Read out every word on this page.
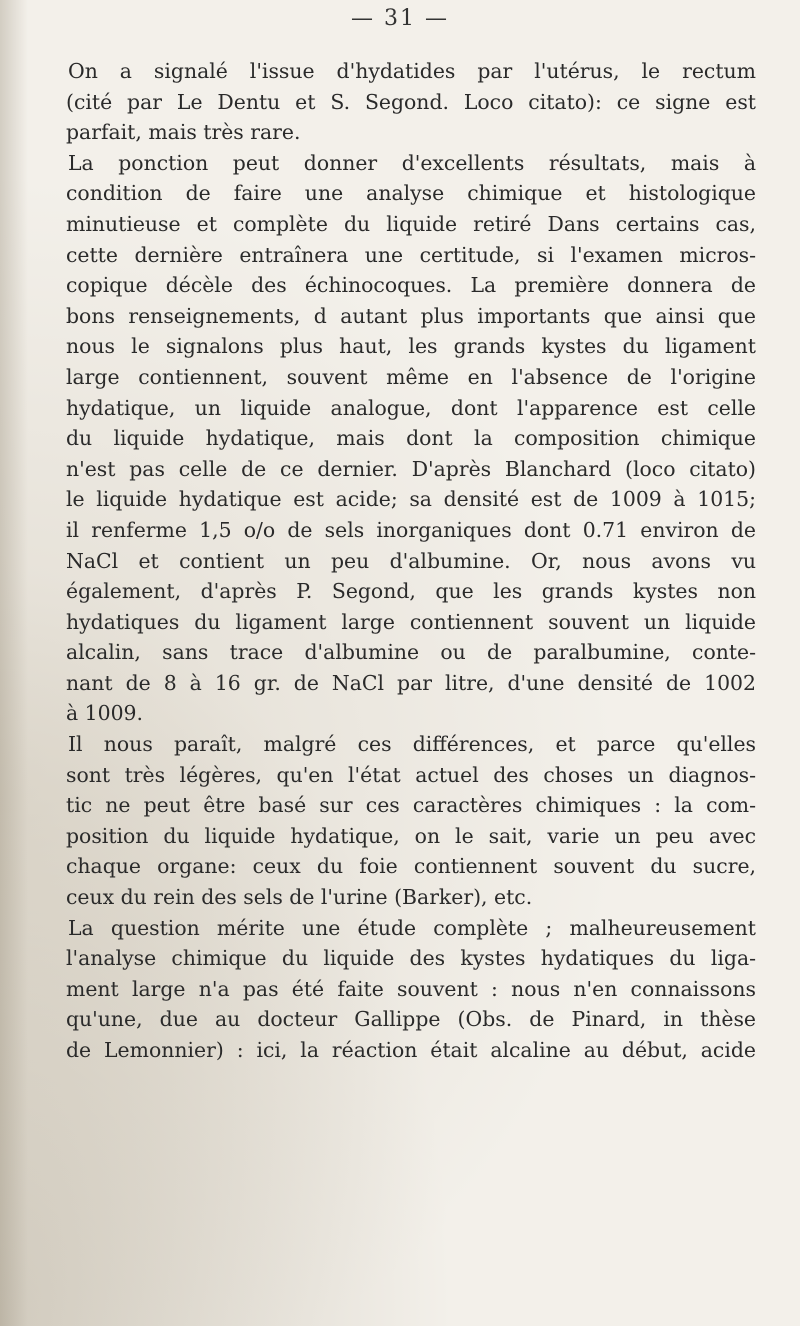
— 31 —
On a signalé l'issue d'hydatides par l'utérus, le rectum
(cité par Le Dentu et S. Segond. Loco citato): ce signe est
parfait, mais très rare.
La ponction peut donner d'excellents résultats, mais à
condition de faire une analyse chimique et histologique
minutieuse et complète du liquide retiré Dans certains cas,
cette dernière entraînera une certitude, si l'examen micros-
copique décèle des échinocoques. La première donnera de
bons renseignements, d autant plus importants que ainsi que
nous le signalons plus haut, les grands kystes du ligament
large contiennent, souvent même en l'absence de l'origine
hydatique, un liquide analogue, dont l'apparence est celle
du liquide hydatique, mais dont la composition chimique
n'est pas celle de ce dernier. D'après Blanchard (loco citato)
le liquide hydatique est acide; sa densité est de 1009 à 1015;
il renferme 1,5 o/o de sels inorganiques dont 0.71 environ de
NaCl et contient un peu d'albumine. Or, nous avons vu
également, d'après P. Segond, que les grands kystes non
hydatiques du ligament large contiennent souvent un liquide
alcalin, sans trace d'albumine ou de paralbumine, conte-
nant de 8 à 16 gr. de NaCl par litre, d'une densité de 1002
à 1009.
Il nous paraît, malgré ces différences, et parce qu'elles
sont très légères, qu'en l'état actuel des choses un diagnos-
tic ne peut être basé sur ces caractères chimiques : la com-
position du liquide hydatique, on le sait, varie un peu avec
chaque organe: ceux du foie contiennent souvent du sucre,
ceux du rein des sels de l'urine (Barker), etc.
La question mérite une étude complète ; malheureusement
l'analyse chimique du liquide des kystes hydatiques du liga-
ment large n'a pas été faite souvent : nous n'en connaissons
qu'une, due au docteur Gallippe (Obs. de Pinard, in thèse
de Lemonnier) : ici, la réaction était alcaline au début, acide
